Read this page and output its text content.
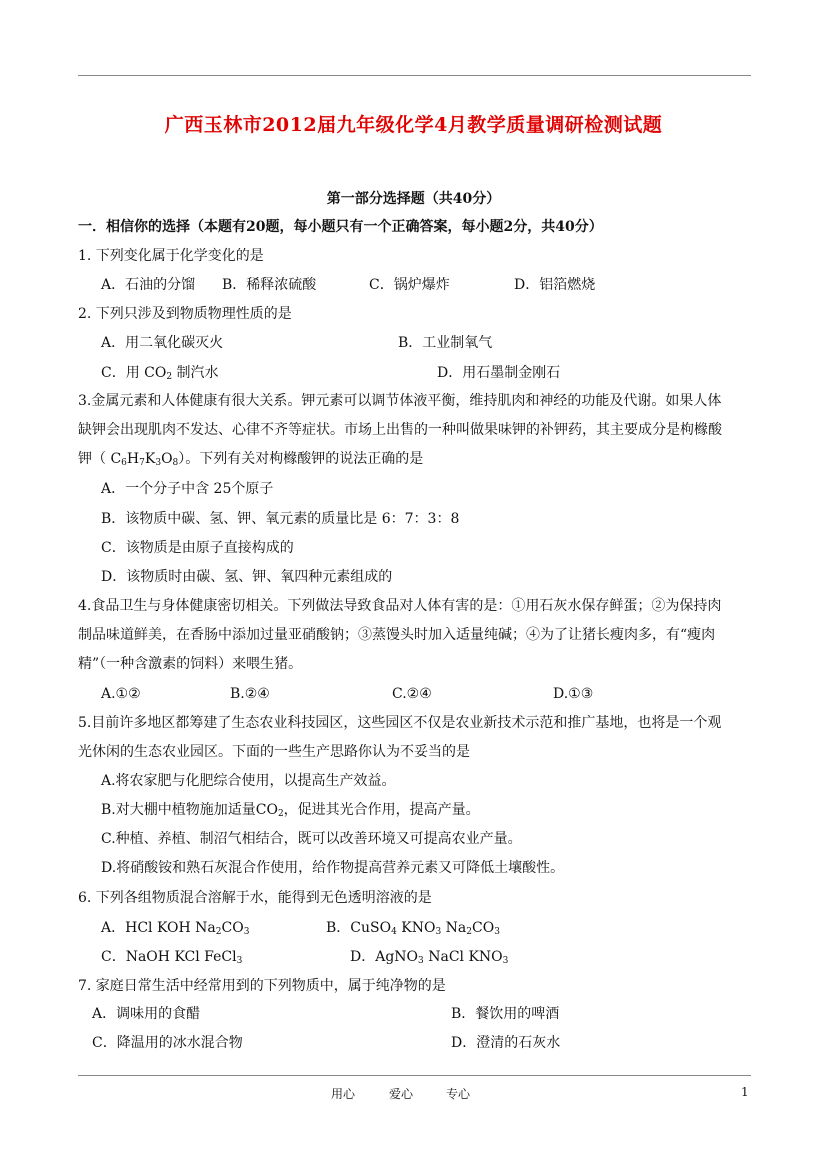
广西玉林市2012届九年级化学4月教学质量调研检测试题
第一部分选择题（共40分）
一．相信你的选择（本题有20题，每小题只有一个正确答案，每小题2分，共40分）
1. 下列变化属于化学变化的是
A．石油的分馏 B．稀释浓硫酸	C．锅炉爆炸	D．铝箔燃烧
2. 下列只涉及到物质物理性质的是
A．用二氧化碳灭火	B．工业制氧气
C．用 $CO_2$ 制汽水	D．用石墨制金刚石
3.金属元素和人体健康有很大关系。钾元素可以调节体液平衡，维持肌肉和神经的功能及代谢。如果人体
缺钾会出现肌肉不发达、心律不齐等症状。市场上出售的一种叫做果味钾的补钾药，其主要成分是枸橼酸
钾（ $C_6H_7K_3O_8$）。下列有关对枸橼酸钾的说法正确的是
A．一个分子中含 25个原子
B．该物质中碳、氢、钾、氧元素的质量比是 6：7：3：8
C．该物质是由原子直接构成的
D．该物质时由碳、氢、钾、氧四种元素组成的
4.食品卫生与身体健康密切相关。下列做法导致食品对人体有害的是：①用石灰水保存鲜蛋；②为保持肉
制品味道鲜美，在香肠中添加过量亚硝酸钠；③蒸馒头时加入适量纯碱；④为了让猪长瘦肉多，有“瘦肉
精”（一种含激素的饲料）来喂生猪。
A.①②	B.②④	C.②④	D.①③
5.目前许多地区都筹建了生态农业科技园区，这些园区不仅是农业新技术示范和推广基地，也将是一个观
光休闲的生态农业园区。下面的一些生产思路你认为不妥当的是
A.将农家肥与化肥综合使用，以提高生产效益。
B.对大棚中植物施加适量$CO_2$，促进其光合作用，提高产量。
C.种植、养植、制沼气相结合，既可以改善环境又可提高农业产量。
D.将硝酸铵和熟石灰混合作使用，给作物提高营养元素又可降低土壤酸性。
6. 下列各组物质混合溶解于水，能得到无色透明溶液的是
A．HCl KOH $Na_2CO_3$	B．CuSO$_4$ $KNO_3$ $Na_2CO_3$
C．NaOH KCl FeCl$_3$	D．AgNO$_3$ NaCl $KNO_3$
7. 家庭日常生活中经常用到的下列物质中，属于纯净物的是
A．调味用的食醋	B．餐饮用的啤酒
C．降温用的冰水混合物	D．澄清的石灰水
用心	爱心	专心	1
